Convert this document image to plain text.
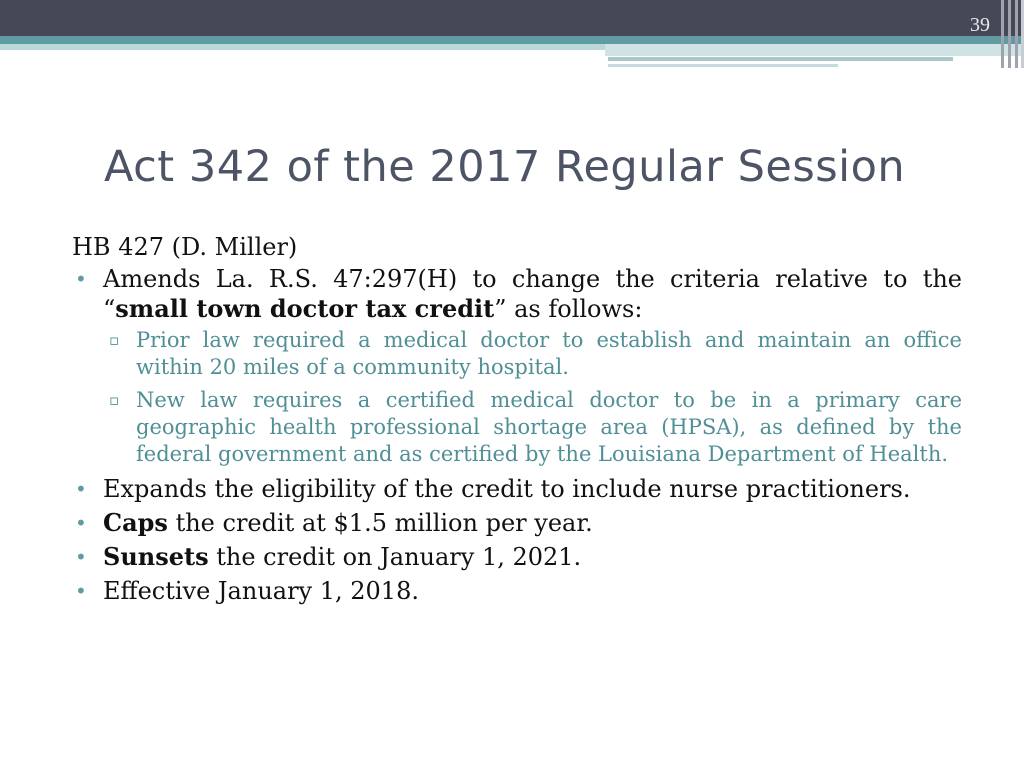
39
Act 342 of the 2017 Regular Session
HB 427 (D. Miller)
• Amends La. R.S. 47:297(H) to change the criteria relative to the “small town doctor tax credit” as follows:
▫ Prior law required a medical doctor to establish and maintain an office within 20 miles of a community hospital.
▫ New law requires a certified medical doctor to be in a primary care geographic health professional shortage area (HPSA), as defined by the federal government and as certified by the Louisiana Department of Health.
• Expands the eligibility of the credit to include nurse practitioners.
• Caps the credit at $1.5 million per year.
• Sunsets the credit on January 1, 2021.
• Effective January 1, 2018.
